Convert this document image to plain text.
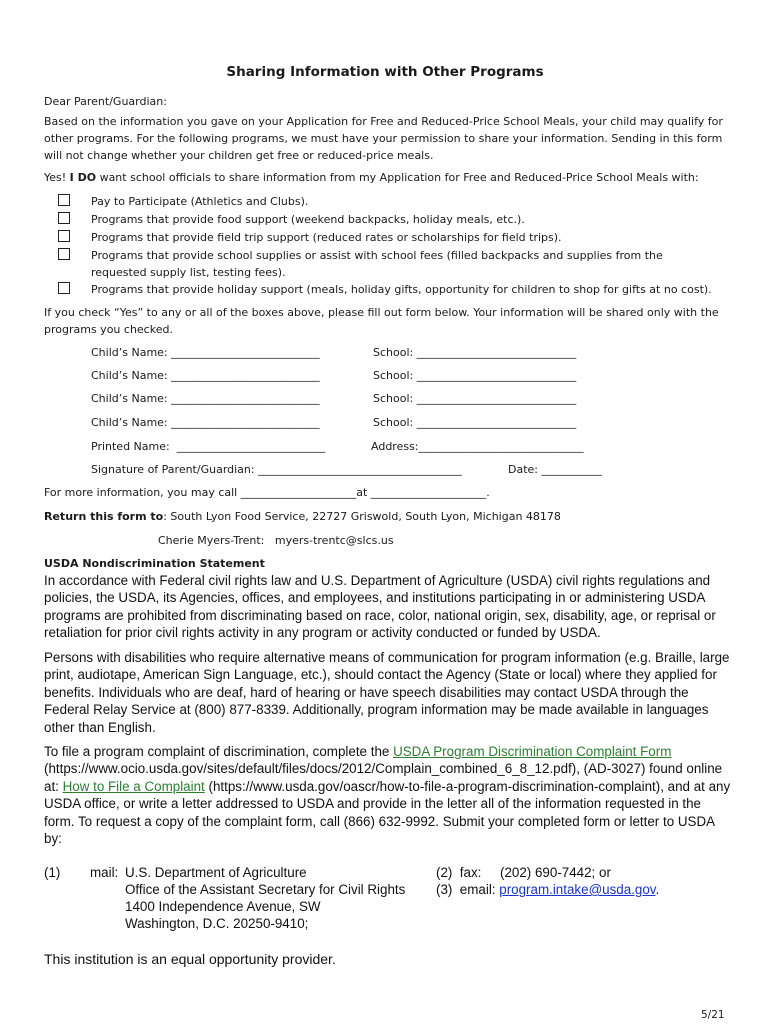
Sharing Information with Other Programs
Dear Parent/Guardian:
Based on the information you gave on your Application for Free and Reduced-Price School Meals, your child may qualify for other programs. For the following programs, we must have your permission to share your information. Sending in this form will not change whether your children get free or reduced-price meals.
Yes! I DO want school officials to share information from my Application for Free and Reduced-Price School Meals with:
Pay to Participate (Athletics and Clubs).
Programs that provide food support (weekend backpacks, holiday meals, etc.).
Programs that provide field trip support (reduced rates or scholarships for field trips).
Programs that provide school supplies or assist with school fees (filled backpacks and supplies from the requested supply list, testing fees).
Programs that provide holiday support (meals, holiday gifts, opportunity for children to shop for gifts at no cost).
If you check “Yes” to any or all of the boxes above, please fill out form below. Your information will be shared only with the programs you checked.
Child’s Name: ___________________________	School: _____________________________
Child’s Name: ___________________________	School: _____________________________
Child’s Name: ___________________________	School: _____________________________
Child’s Name: ___________________________	School: _____________________________
Printed Name:  ___________________________	Address:______________________________
Signature of Parent/Guardian: _____________________________________	Date: ___________
For more information, you may call _____________________at _____________________.
Return this form to: South Lyon Food Service, 22727 Griswold, South Lyon, Michigan 48178
Cherie Myers-Trent:   myers-trentc@slcs.us
USDA Nondiscrimination Statement
In accordance with Federal civil rights law and U.S. Department of Agriculture (USDA) civil rights regulations and policies, the USDA, its Agencies, offices, and employees, and institutions participating in or administering USDA programs are prohibited from discriminating based on race, color, national origin, sex, disability, age, or reprisal or retaliation for prior civil rights activity in any program or activity conducted or funded by USDA.
Persons with disabilities who require alternative means of communication for program information (e.g. Braille, large print, audiotape, American Sign Language, etc.), should contact the Agency (State or local) where they applied for benefits. Individuals who are deaf, hard of hearing or have speech disabilities may contact USDA through the Federal Relay Service at (800) 877-8339. Additionally, program information may be made available in languages other than English.
To file a program complaint of discrimination, complete the USDA Program Discrimination Complaint Form (https://www.ocio.usda.gov/sites/default/files/docs/2012/Complain_combined_6_8_12.pdf), (AD-3027) found online at: How to File a Complaint (https://www.usda.gov/oascr/how-to-file-a-program-discrimination-complaint), and at any USDA office, or write a letter addressed to USDA and provide in the letter all of the information requested in the form. To request a copy of the complaint form, call (866) 632-9992. Submit your completed form or letter to USDA by:
(1) mail: U.S. Department of Agriculture
Office of the Assistant Secretary for Civil Rights
1400 Independence Avenue, SW
Washington, D.C. 20250-9410;
(2)  fax:     (202) 690-7442; or
(3)  email: program.intake@usda.gov.
This institution is an equal opportunity provider.
5/21
